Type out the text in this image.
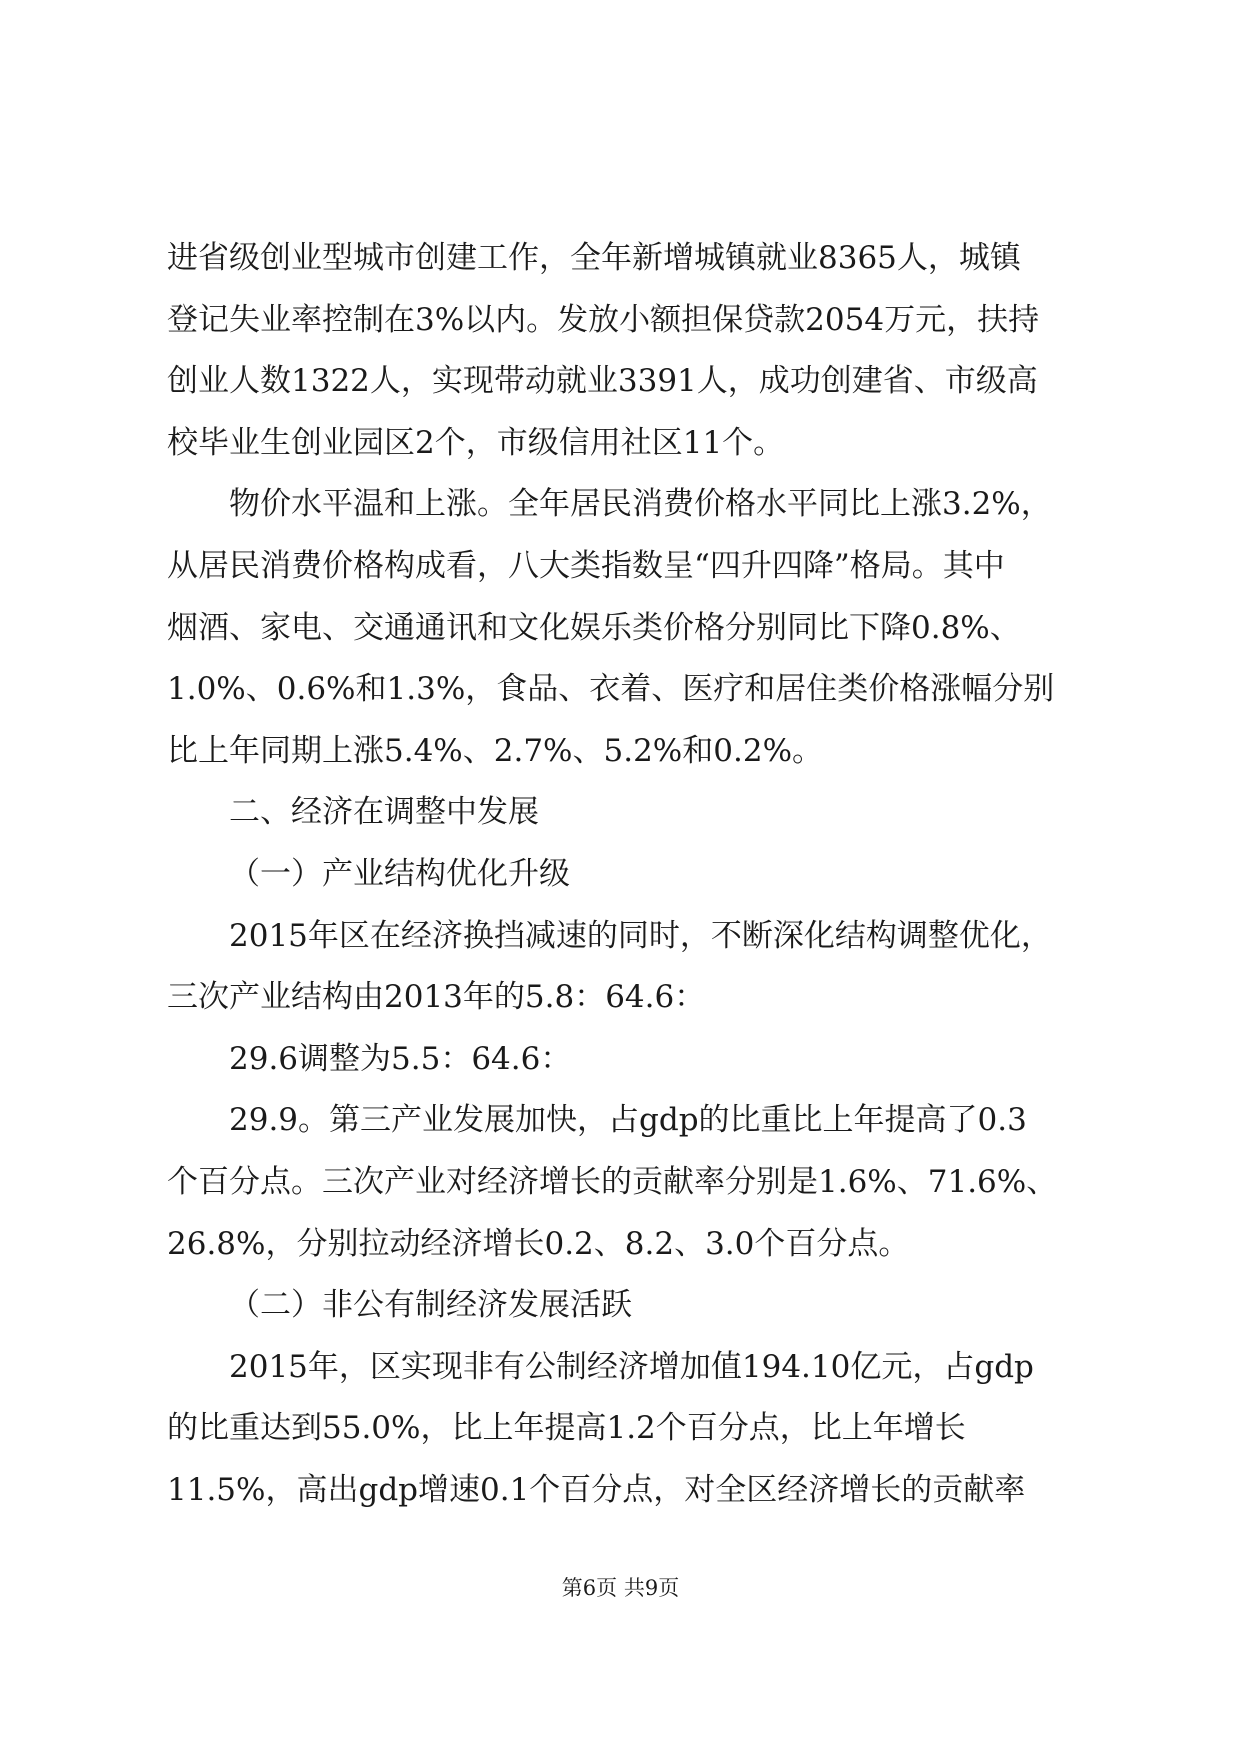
进省级创业型城市创建工作，全年新增城镇就业8365人，城镇
登记失业率控制在3%以内。发放小额担保贷款2054万元，扶持
创业人数1322人，实现带动就业3391人，成功创建省、市级高
校毕业生创业园区2个，市级信用社区11个。
物价水平温和上涨。全年居民消费价格水平同比上涨3.2%，
从居民消费价格构成看，八大类指数呈“四升四降”格局。其中
烟酒、家电、交通通讯和文化娱乐类价格分别同比下降0.8%、
1.0%、0.6%和1.3%，食品、衣着、医疗和居住类价格涨幅分别
比上年同期上涨5.4%、2.7%、5.2%和0.2%。
二、经济在调整中发展
（一）产业结构优化升级
2015年区在经济换挡减速的同时，不断深化结构调整优化，
三次产业结构由2013年的5.8：64.6：
29.6调整为5.5：64.6：
29.9。第三产业发展加快，占gdp的比重比上年提高了0.3
个百分点。三次产业对经济增长的贡献率分别是1.6%、71.6%、
26.8%，分别拉动经济增长0.2、8.2、3.0个百分点。
（二）非公有制经济发展活跃
2015年，区实现非有公制经济增加值194.10亿元，占gdp
的比重达到55.0%，比上年提高1.2个百分点，比上年增长
11.5%，高出gdp增速0.1个百分点，对全区经济增长的贡献率
第6页 共9页
